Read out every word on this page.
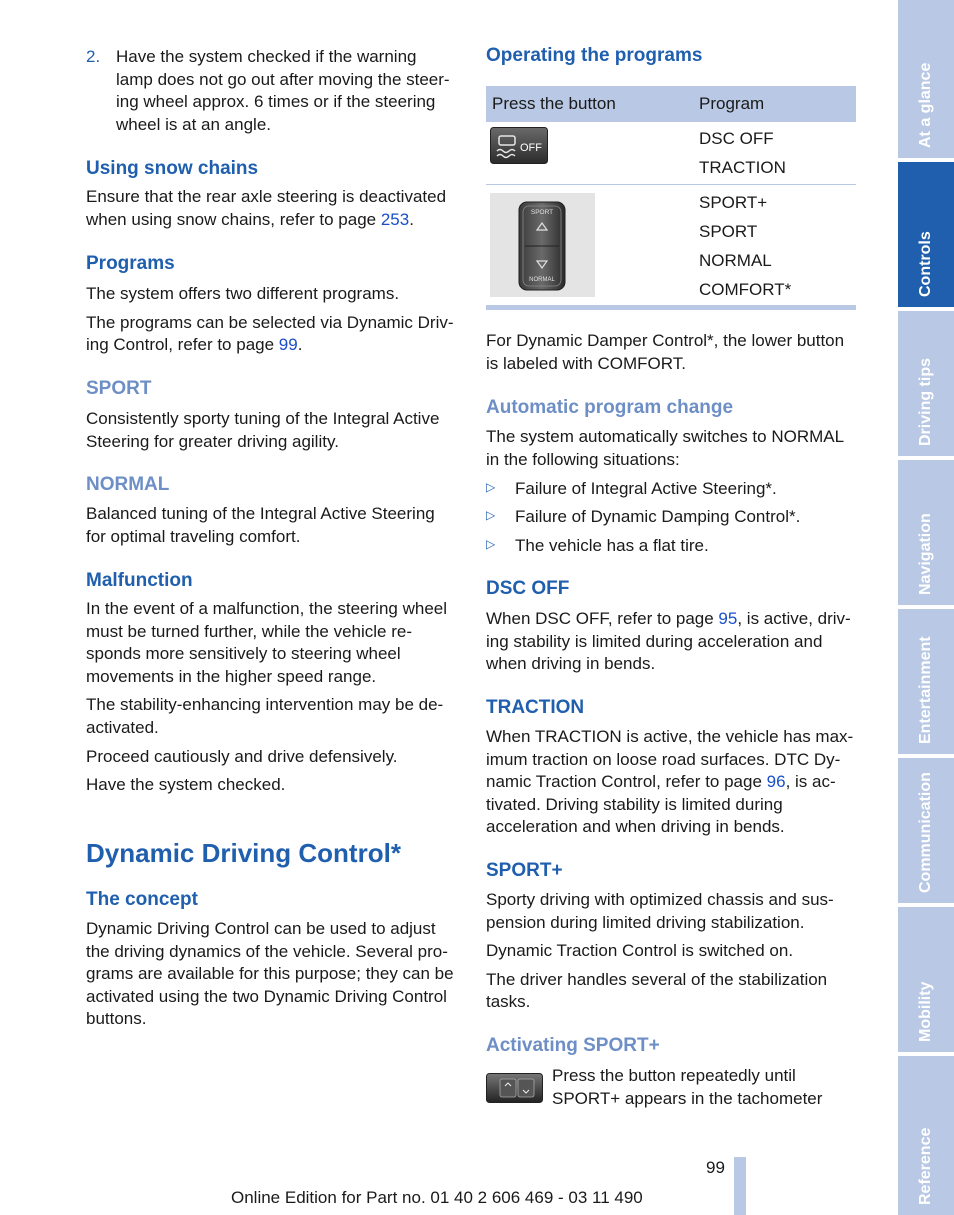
2. Have the system checked if the warning

lamp does not go out after moving the steer-

ing wheel approx. 6 times or if the steering

wheel is at an angle.

Using snow chains

Ensure that the rear axle steering is deactivated

when using snow chains, refer to page 253.

Programs

The system offers two different programs.

The programs can be selected via Dynamic Driv-

ing Control, refer to page 99.

SPORT

Consistently sporty tuning of the Integral Active

Steering for greater driving agility.

NORMAL

Balanced tuning of the Integral Active Steering

for optimal traveling comfort.

Malfunction

In the event of a malfunction, the steering wheel

must be turned further, while the vehicle re-

sponds more sensitively to steering wheel

movements in the higher speed range.

The stability-enhancing intervention may be de-

activated.

Proceed cautiously and drive defensively.

Have the system checked.

Dynamic Driving Control*
The concept

Dynamic Driving Control can be used to adjust

the driving dynamics of the vehicle. Several pro-

grams are available for this purpose; they can be

activated using the two Dynamic Driving Control

buttons.

Operating the programs
Press the button	Program
OFF	DSC OFF
TRACTION
SPORT
NORMAL
SPORT+
SPORT
NORMAL
COMFORT*

For Dynamic Damper Control*, the lower button

is labeled with COMFORT.

Automatic program change

The system automatically switches to NORMAL

in the following situations:

▷ Failure of Integral Active Steering*.

▷ Failure of Dynamic Damping Control*.

▷ The vehicle has a flat tire.

DSC OFF

When DSC OFF, refer to page 95, is active, driv-

ing stability is limited during acceleration and

when driving in bends.

TRACTION

When TRACTION is active, the vehicle has max-

imum traction on loose road surfaces. DTC Dy-

namic Traction Control, refer to page 96, is ac-

tivated. Driving stability is limited during

acceleration and when driving in bends.

SPORT+

Sporty driving with optimized chassis and sus-

pension during limited driving stabilization.

Dynamic Traction Control is switched on.

The driver handles several of the stabilization

tasks.

Activating SPORT+

Press the button repeatedly until

SPORT+ appears in the tachometer

At a glance
Controls
Driving tips
Navigation
Entertainment
Communication
Mobility
Reference
99
Online Edition for Part no. 01 40 2 606 469 - 03 11 490
